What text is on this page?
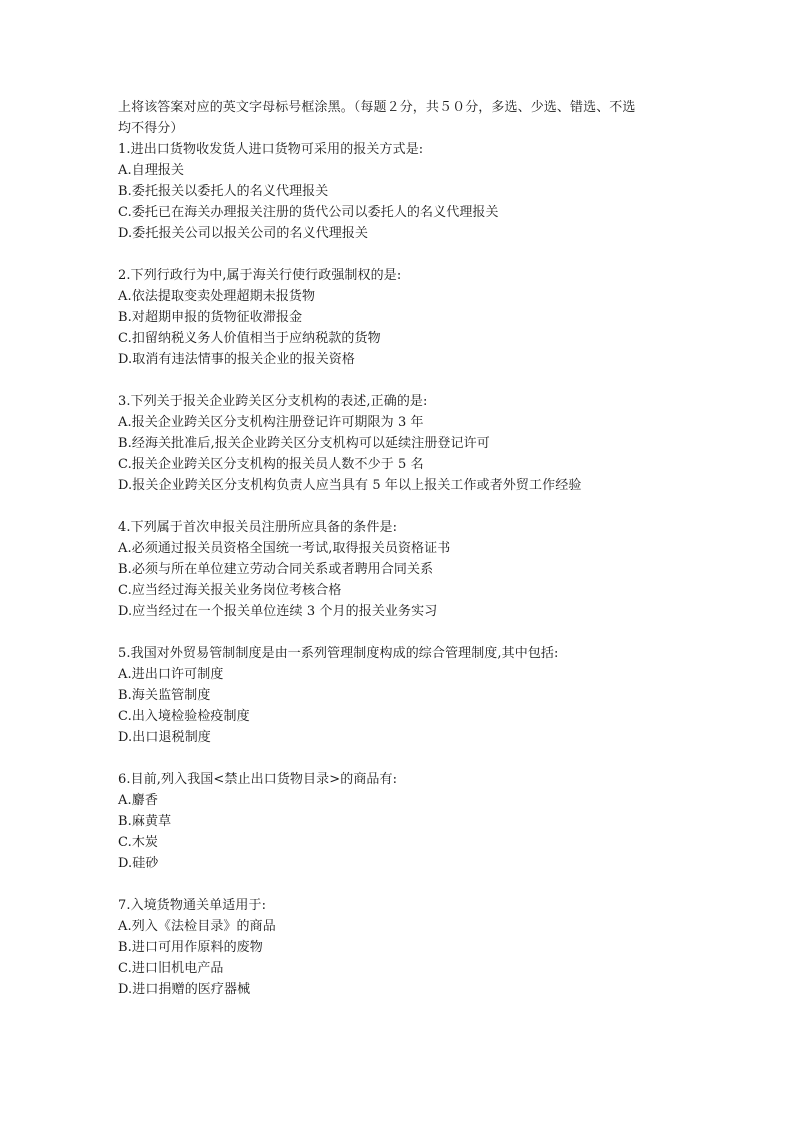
上将该答案对应的英文字母标号框涂黑。（每题２分，共５０分，多选、少选、错选、不选
均不得分）
1.进出口货物收发货人进口货物可采用的报关方式是:
A.自理报关
B.委托报关以委托人的名义代理报关
C.委托已在海关办理报关注册的货代公司以委托人的名义代理报关
D.委托报关公司以报关公司的名义代理报关
2.下列行政行为中,属于海关行使行政强制权的是:
A.依法提取变卖处理超期未报货物
B.对超期申报的货物征收滞报金
C.扣留纳税义务人价值相当于应纳税款的货物
D.取消有违法情事的报关企业的报关资格
3.下列关于报关企业跨关区分支机构的表述,正确的是:
A.报关企业跨关区分支机构注册登记许可期限为 3 年
B.经海关批准后,报关企业跨关区分支机构可以延续注册登记许可
C.报关企业跨关区分支机构的报关员人数不少于 5 名
D.报关企业跨关区分支机构负责人应当具有 5 年以上报关工作或者外贸工作经验
4.下列属于首次申报关员注册所应具备的条件是:
A.必须通过报关员资格全国统一考试,取得报关员资格证书
B.必须与所在单位建立劳动合同关系或者聘用合同关系
C.应当经过海关报关业务岗位考核合格
D.应当经过在一个报关单位连续 3 个月的报关业务实习
5.我国对外贸易管制制度是由一系列管理制度构成的综合管理制度,其中包括:
A.进出口许可制度
B.海关监管制度
C.出入境检验检疫制度
D.出口退税制度
6.目前,列入我国<禁止出口货物目录>的商品有:
A.麝香
B.麻黄草
C.木炭
D.硅砂
7.入境货物通关单适用于:
A.列入《法检目录》的商品
B.进口可用作原料的废物
C.进口旧机电产品
D.进口捐赠的医疗器械
